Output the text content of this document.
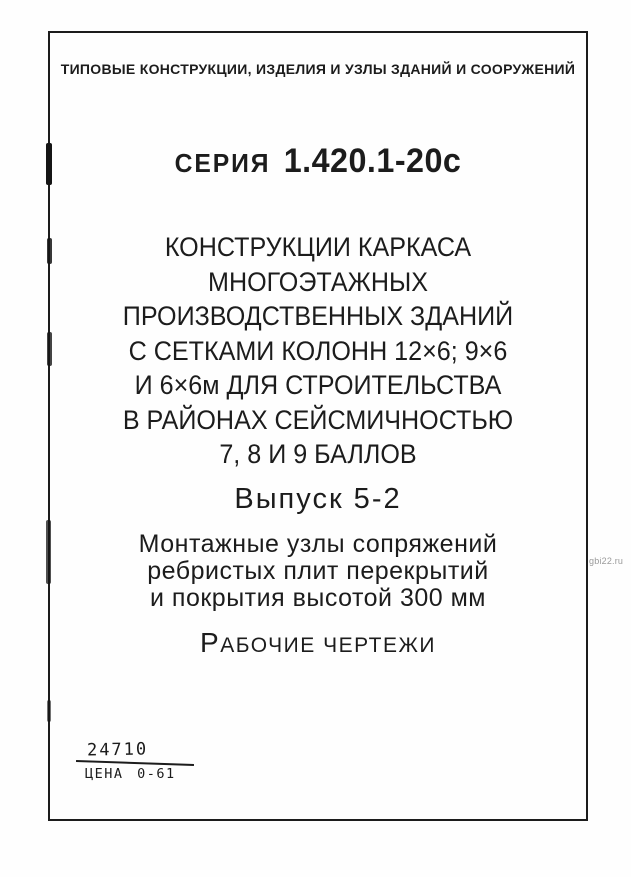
ТИПОВЫЕ КОНСТРУКЦИИ, ИЗДЕЛИЯ И УЗЛЫ ЗДАНИЙ И СООРУЖЕНИЙ
СЕРИЯ 1.420.1-20с
КОНСТРУКЦИИ КАРКАСА
МНОГОЭТАЖНЫХ
ПРОИЗВОДСТВЕННЫХ ЗДАНИЙ
С СЕТКАМИ КОЛОНН 12×6; 9×6
И 6×6м ДЛЯ СТРОИТЕЛЬСТВА
В РАЙОНАХ СЕЙСМИЧНОСТЬЮ
7, 8 И 9 БАЛЛОВ
Выпуск 5-2
Монтажные узлы сопряжений
ребристых плит перекрытий
и покрытия высотой 300 мм
РАБОЧИЕ ЧЕРТЕЖИ
24710
ЦЕНА 0-61
gbi22.ru
